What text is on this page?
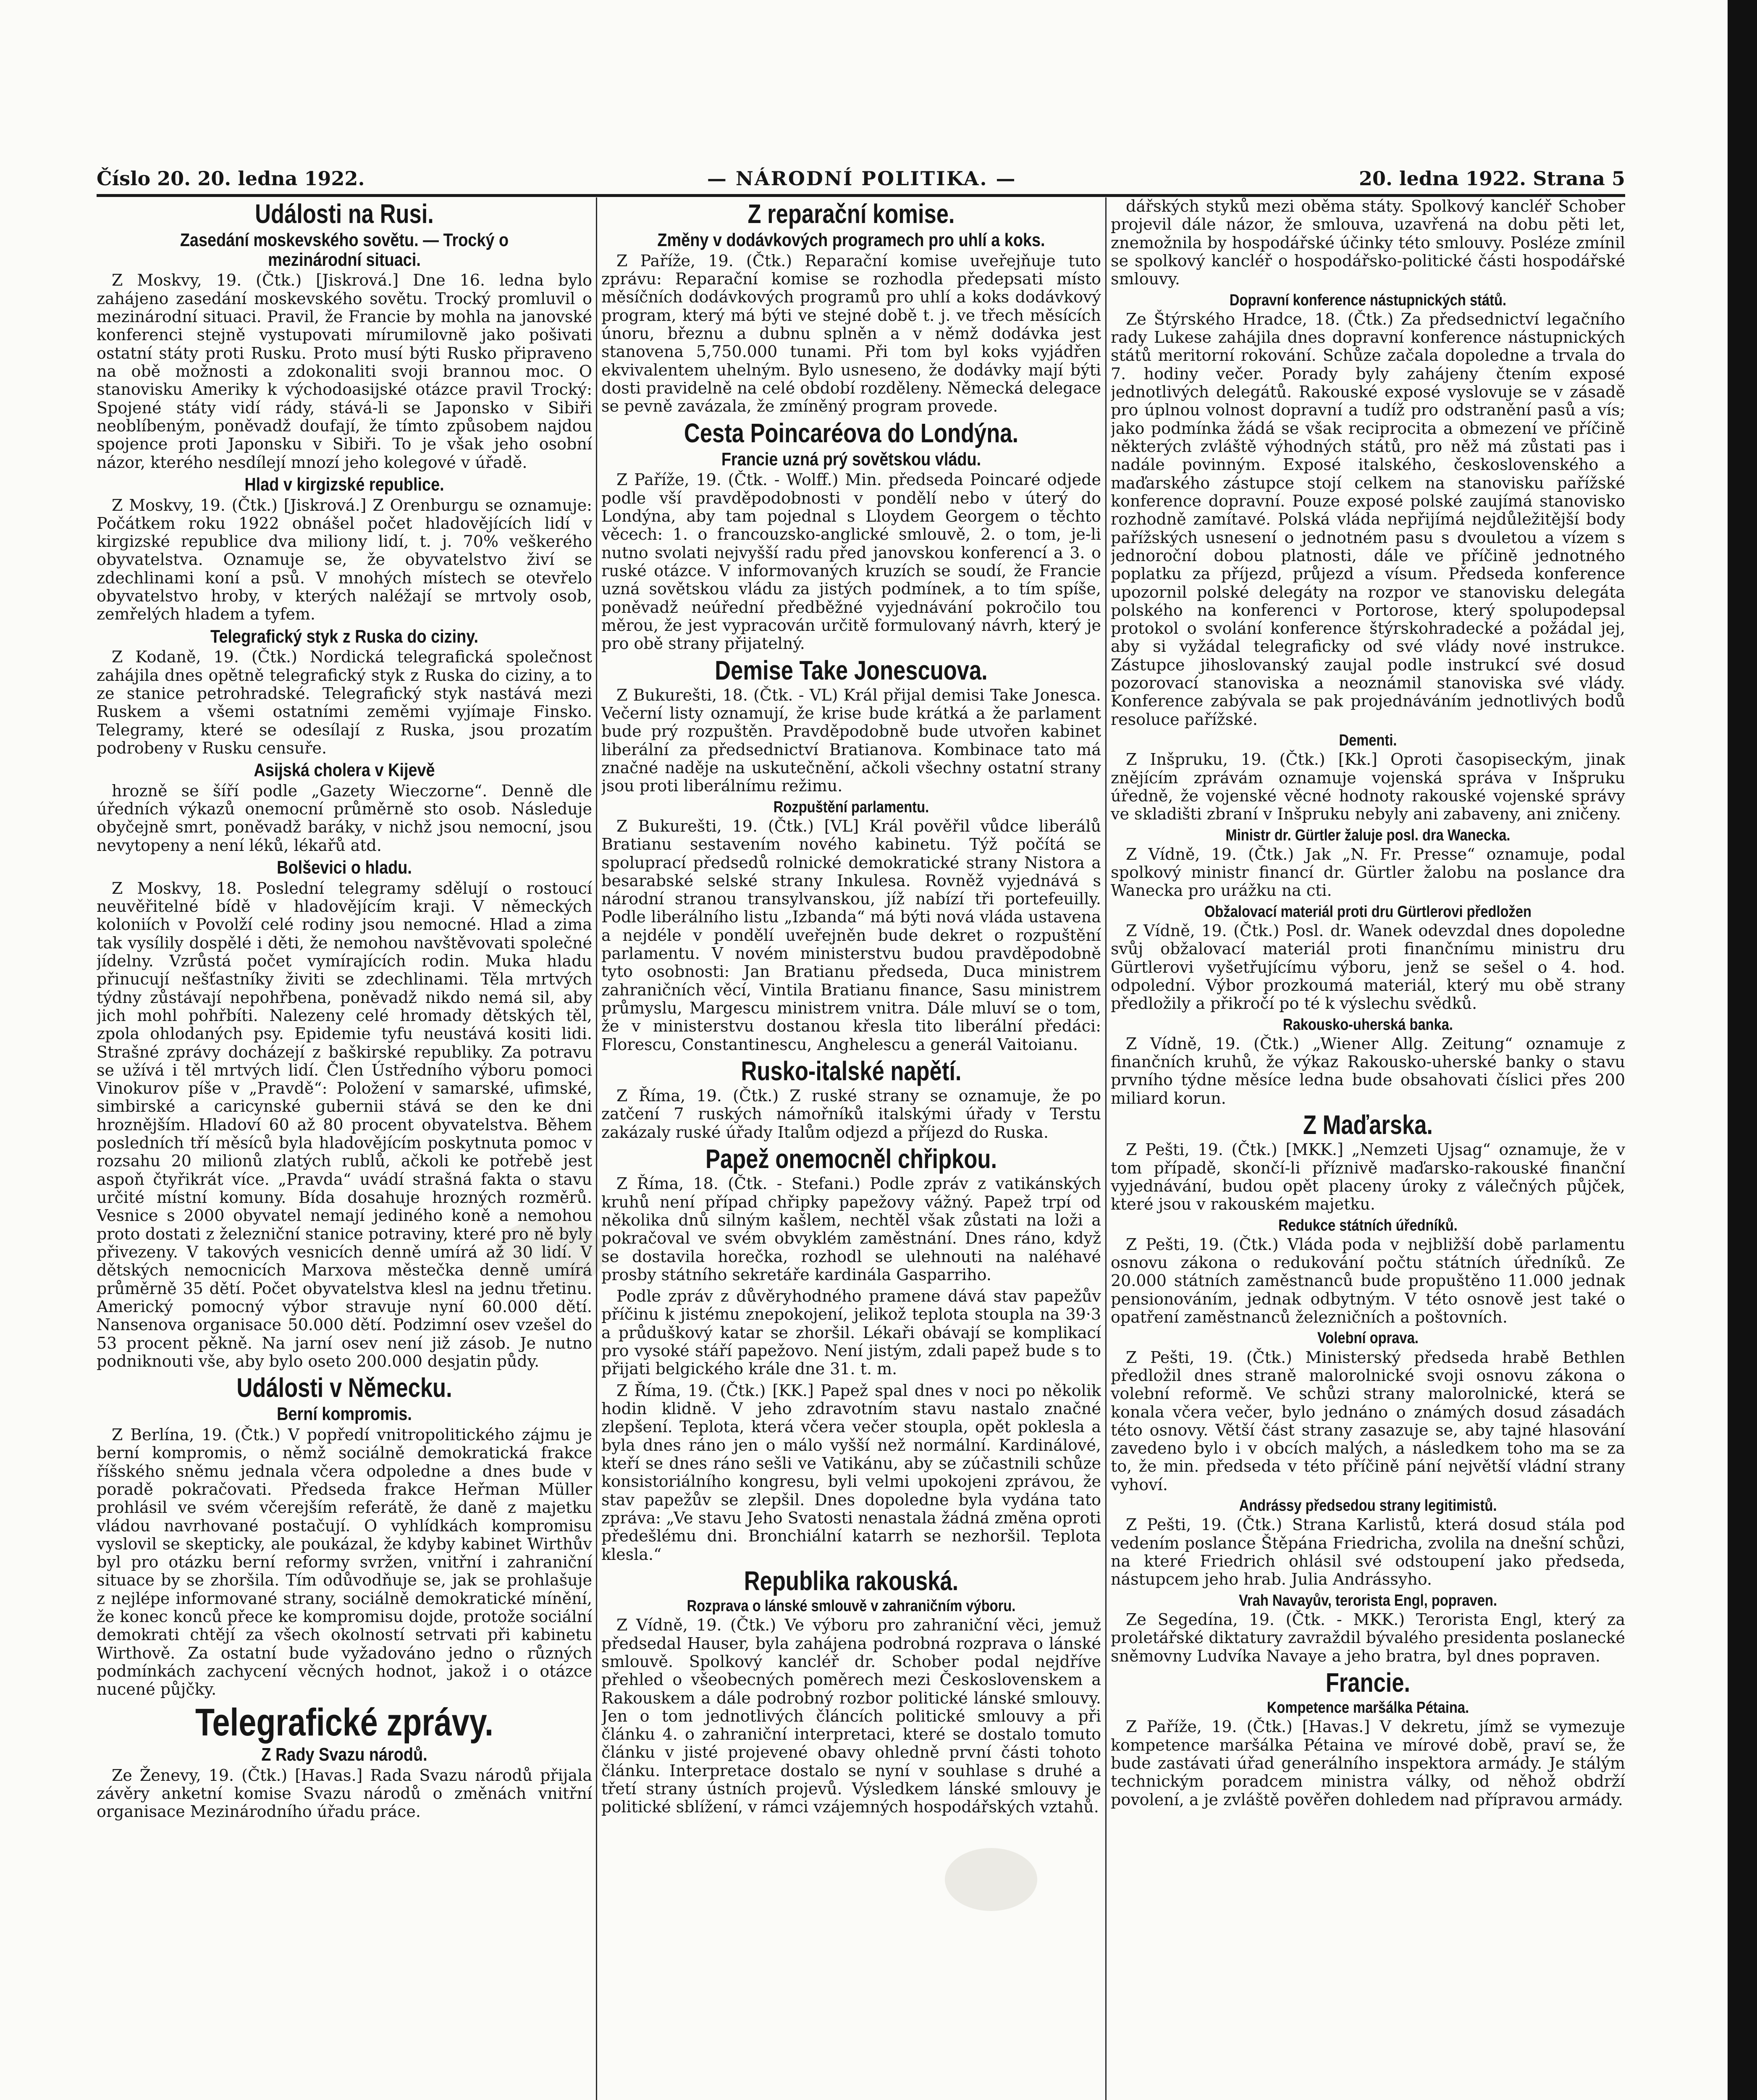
Číslo 20. 20. ledna 1922.	— NÁRODNÍ POLITIKA. —	20. ledna 1922. Strana 5
Události na Rusi.
Zasedání moskevského sovětu. — Trocký o mezinárodní situaci.

Z Moskvy, 19. (Čtk.) [Jiskrová.] Dne 16. ledna bylo zahájeno zasedání moskevského sovětu. Trocký promluvil o mezinárodní situaci. Pravil, že Francie by mohla na janovské konferenci stejně vystupovati mírumilovně jako pošivati ostatní státy proti Rusku. Proto musí býti Rusko připraveno na obě možnosti a zdokonaliti svoji brannou moc. O stanovisku Ameriky k východoasijské otázce pravil Trocký: Spojené státy vidí rády, stává-li se Japonsko v Sibiři neoblíbeným, poněvadž doufají, že tímto způsobem najdou spojence proti Japonsku v Sibiři. To je však jeho osobní názor, kterého nesdílejí mnozí jeho kolegové v úřadě.

Hlad v kirgizské republice.

Z Moskvy, 19. (Čtk.) [Jiskrová.] Z Orenburgu se oznamuje: Počátkem roku 1922 obnášel počet hladovějících lidí v kirgizské republice dva miliony lidí, t. j. 70% veškerého obyvatelstva. Oznamuje se, že obyvatelstvo živí se zdechlinami koní a psů. V mnohých místech se otevřelo obyvatelstvo hroby, v kterých naléžají se mrtvoly osob, zemřelých hladem a tyfem.

Telegrafický styk z Ruska do ciziny.

Z Kodaně, 19. (Čtk.) Nordická telegrafická společnost zahájila dnes opětně telegrafický styk z Ruska do ciziny, a to ze stanice petrohradské. Telegrafický styk nastává mezi Ruskem a všemi ostatními zeměmi vyjímaje Finsko. Telegramy, které se odesílají z Ruska, jsou prozatím podrobeny v Rusku censuře.

Asijská cholera v Kijevě

hrozně se šíří podle „Gazety Wieczorne“. Denně dle úředních výkazů onemocní průměrně sto osob. Následuje obyčejně smrt, poněvadž baráky, v nichž jsou nemocní, jsou nevytopeny a není léků, lékařů atd.

Bolševici o hladu.

Z Moskvy, 18. Poslední telegramy sdělují o rostoucí neuvěřitelné bídě v hladovějícím kraji. V německých koloniích v Povolží celé rodiny jsou nemocné. Hlad a zima tak vysílily dospělé i děti, že nemohou navštěvovati společné jídelny. Vzrůstá počet vymírajících rodin. Muka hladu přinucují nešťastníky živiti se zdechlinami. Těla mrtvých týdny zůstávají nepohřbena, poněvadž nikdo nemá sil, aby jich mohl pohřbíti. Nalezeny celé hromady dětských těl, zpola ohlodaných psy. Epidemie tyfu neustává kositi lidi. Strašné zprávy docházejí z baškirské republiky. Za potravu se užívá i těl mrtvých lidí. Člen Ústředního výboru pomoci Vinokurov píše v „Pravdě“: Položení v samarské, ufimské, simbirské a caricynské gubernii stává se den ke dni hroznějším. Hladoví 60 až 80 procent obyvatelstva. Během posledních tří měsíců byla hladovějícím poskytnuta pomoc v rozsahu 20 milionů zlatých rublů, ačkoli ke potřebě jest aspoň čtyřikrát více. „Pravda“ uvádí strašná fakta o stavu určité místní komuny. Bída dosahuje hrozných rozměrů. Vesnice s 2000 obyvatel nemají jediného koně a nemohou proto dostati z železniční stanice potraviny, které pro ně byly přivezeny. V takových vesnicích denně umírá až 30 lidí. V dětských nemocnicích Marxova městečka denně umírá průměrně 35 dětí. Počet obyvatelstva klesl na jednu třetinu. Americký pomocný výbor stravuje nyní 60.000 dětí. Nansenova organisace 50.000 dětí. Podzimní osev vzešel do 53 procent pěkně. Na jarní osev není již zásob. Je nutno podniknouti vše, aby bylo oseto 200.000 desjatin půdy.

Události v Německu.
Berní kompromis.

Z Berlína, 19. (Čtk.) V popředí vnitropolitického zájmu je berní kompromis, o němž sociálně demokratická frakce říšského sněmu jednala včera odpoledne a dnes bude v poradě pokračovati. Předseda frakce Heřman Müller prohlásil ve svém včerejším referátě, že daně z majetku vládou navrhované postačují. O vyhlídkách kompromisu vyslovil se skepticky, ale poukázal, že kdyby kabinet Wirthův byl pro otázku berní reformy svržen, vnitřní i zahraniční situace by se zhoršila. Tím odůvodňuje se, jak se prohlašuje z nejlépe informované strany, sociálně demokratické mínění, že konec konců přece ke kompromisu dojde, protože sociální demokrati chtějí za všech okolností setrvati při kabinetu Wirthově. Za ostatní bude vyžadováno jedno o různých podmínkách zachycení věcných hodnot, jakož i o otázce nucené půjčky.

Telegrafické zprávy.
Z Rady Svazu národů.

Ze Ženevy, 19. (Čtk.) [Havas.] Rada Svazu národů přijala závěry anketní komise Svazu národů o změnách vnitřní organisace Mezinárodního úřadu práce.

Z reparační komise.
Změny v dodávkových programech pro uhlí a koks.

Z Paříže, 19. (Čtk.) Reparační komise uveřejňuje tuto zprávu: Reparační komise se rozhodla předepsati místo měsíčních dodávkových programů pro uhlí a koks dodávkový program, který má býti ve stejné době t. j. ve třech měsících únoru, březnu a dubnu splněn a v němž dodávka jest stanovena 5,750.000 tunami. Při tom byl koks vyjádřen ekvivalentem uhelným. Bylo usneseno, že dodávky mají býti dosti pravidelně na celé období rozděleny. Německá delegace se pevně zavázala, že zmíněný program provede.

Cesta Poincaréova do Londýna.
Francie uzná prý sovětskou vládu.

Z Paříže, 19. (Čtk. - Wolff.) Min. předseda Poincaré odjede podle vší pravděpodobnosti v pondělí nebo v úterý do Londýna, aby tam pojednal s Lloydem Georgem o těchto věcech: 1. o francouzsko-anglické smlouvě, 2. o tom, je-li nutno svolati nejvyšší radu před janovskou konferencí a 3. o ruské otázce. V informovaných kruzích se soudí, že Francie uzná sovětskou vládu za jistých podmínek, a to tím spíše, poněvadž neúřední předběžné vyjednávání pokročilo tou měrou, že jest vypracován určitě formulovaný návrh, který je pro obě strany přijatelný.

Demise Take Jonescuova.

Z Bukurešti, 18. (Čtk. - VL) Král přijal demisi Take Jonesca. Večerní listy oznamují, že krise bude krátká a že parlament bude prý rozpuštěn. Pravděpodobně bude utvořen kabinet liberální za předsednictví Bratianova. Kombinace tato má značné naděje na uskutečnění, ačkoli všechny ostatní strany jsou proti liberálnímu režimu.

Rozpuštění parlamentu.

Z Bukurešti, 19. (Čtk.) [VL] Král pověřil vůdce liberálů Bratianu sestavením nového kabinetu. Týž počítá se spoluprací předsedů rolnické demokratické strany Nistora a besarabské selské strany Inkulesa. Rovněž vyjednává s národní stranou transylvanskou, jíž nabízí tři portefeuilly. Podle liberálního listu „Izbanda“ má býti nová vláda ustavena a nejdéle v pondělí uveřejněn bude dekret o rozpuštění parlamentu. V novém ministerstvu budou pravděpodobně tyto osobnosti: Jan Bratianu předseda, Duca ministrem zahraničních věcí, Vintila Bratianu finance, Sasu ministrem průmyslu, Margescu ministrem vnitra. Dále mluví se o tom, že v ministerstvu dostanou křesla tito liberální předáci: Florescu, Constantinescu, Anghelescu a generál Vaitoianu.

Rusko-italské napětí.

Z Říma, 19. (Čtk.) Z ruské strany se oznamuje, že po zatčení 7 ruských námořníků italskými úřady v Terstu zakázaly ruské úřady Italům odjezd a příjezd do Ruska.

Papež onemocněl chřipkou.

Z Říma, 18. (Čtk. - Stefani.) Podle zpráv z vatikánských kruhů není případ chřipky papežovy vážný. Papež trpí od několika dnů silným kašlem, nechtěl však zůstati na loži a pokračoval ve svém obvyklém zaměstnání. Dnes ráno, když se dostavila horečka, rozhodl se ulehnouti na naléhavé prosby státního sekretáře kardinála Gasparriho.

Podle zpráv z důvěryhodného pramene dává stav papežův příčinu k jistému znepokojení, jelikož teplota stoupla na 39·3 a průduškový katar se zhoršil. Lékaři obávají se komplikací pro vysoké stáří papežovo. Není jistým, zdali papež bude s to přijati belgického krále dne 31. t. m.

Z Říma, 19. (Čtk.) [KK.] Papež spal dnes v noci po několik hodin klidně. V jeho zdravotním stavu nastalo značné zlepšení. Teplota, která včera večer stoupla, opět poklesla a byla dnes ráno jen o málo vyšší než normální. Kardinálové, kteří se dnes ráno sešli ve Vatikánu, aby se zúčastnili schůze konsistoriálního kongresu, byli velmi upokojeni zprávou, že stav papežův se zlepšil. Dnes dopoledne byla vydána tato zpráva: „Ve stavu Jeho Svatosti nenastala žádná změna oproti předešlému dni. Bronchiální katarrh se nezhoršil. Teplota klesla.“

Republika rakouská.
Rozprava o lánské smlouvě v zahraničním výboru.

Z Vídně, 19. (Čtk.) Ve výboru pro zahraniční věci, jemuž předsedal Hauser, byla zahájena podrobná rozprava o lánské smlouvě. Spolkový kancléř dr. Schober podal nejdříve přehled o všeobecných poměrech mezi Československem a Rakouskem a dále podrobný rozbor politické lánské smlouvy. Jen o tom jednotlivých článcích politické smlouvy a při článku 4. o zahraniční interpretaci, které se dostalo tomuto článku v jisté projevené obavy ohledně první části tohoto článku. Interpretace dostalo se nyní v souhlase s druhé a třetí strany ústních projevů. Výsledkem lánské smlouvy je politické sblížení, v rámci vzájemných hospodářských vztahů.

dářských styků mezi oběma státy. Spolkový kancléř Schober projevil dále názor, že smlouva, uzavřená na dobu pěti let, znemožnila by hospodářské účinky této smlouvy. Posléze zmínil se spolkový kancléř o hospodářsko-politické části hospodářské smlouvy.

Dopravní konference nástupnických států.

Ze Štýrského Hradce, 18. (Čtk.) Za předsednictví legačního rady Lukese zahájila dnes dopravní konference nástupnických států meritorní rokování. Schůze začala dopoledne a trvala do 7. hodiny večer. Porady byly zahájeny čtením exposé jednotlivých delegátů. Rakouské exposé vyslovuje se v zásadě pro úplnou volnost dopravní a tudíž pro odstranění pasů a vís; jako podmínka žádá se však reciprocita a obmezení ve příčině některých zvláště výhodných států, pro něž má zůstati pas i nadále povinným. Exposé italského, československého a maďarského zástupce stojí celkem na stanovisku pařížské konference dopravní. Pouze exposé polské zaujímá stanovisko rozhodně zamítavé. Polská vláda nepřijímá nejdůležitější body pařížských usnesení o jednotném pasu s dvouletou a vízem s jednoroční dobou platnosti, dále ve příčině jednotného poplatku za příjezd, průjezd a vísum. Předseda konference upozornil polské delegáty na rozpor ve stanovisku delegáta polského na konferenci v Portorose, který spolupodepsal protokol o svolání konference štýrskohradecké a požádal jej, aby si vyžádal telegraficky od své vlády nové instrukce. Zástupce jihoslovanský zaujal podle instrukcí své dosud pozorovací stanoviska a neoznámil stanoviska své vlády. Konference zabývala se pak projednáváním jednotlivých bodů resoluce pařížské.

Dementi.

Z Inšpruku, 19. (Čtk.) [Kk.] Oproti časopiseckým, jinak znějícím zprávám oznamuje vojenská správa v Inšpruku úředně, že vojenské věcné hodnoty rakouské vojenské správy ve skladišti zbraní v Inšpruku nebyly ani zabaveny, ani zničeny.

Ministr dr. Gürtler žaluje posl. dra Wanecka.

Z Vídně, 19. (Čtk.) Jak „N. Fr. Presse“ oznamuje, podal spolkový ministr financí dr. Gürtler žalobu na poslance dra Wanecka pro urážku na cti.

Obžalovací materiál proti dru Gürtlerovi předložen

Z Vídně, 19. (Čtk.) Posl. dr. Wanek odevzdal dnes dopoledne svůj obžalovací materiál proti finančnímu ministru dru Gürtlerovi vyšetřujícímu výboru, jenž se sešel o 4. hod. odpolední. Výbor prozkoumá materiál, který mu obě strany předložily a přikročí po té k výslechu svědků.

Rakousko-uherská banka.

Z Vídně, 19. (Čtk.) „Wiener Allg. Zeitung“ oznamuje z finančních kruhů, že výkaz Rakousko-uherské banky o stavu prvního týdne měsíce ledna bude obsahovati číslici přes 200 miliard korun.

Z Maďarska.

Z Pešti, 19. (Čtk.) [MKK.] „Nemzeti Ujsag“ oznamuje, že v tom případě, skončí-li příznivě maďarsko-rakouské finanční vyjednávání, budou opět placeny úroky z válečných půjček, které jsou v rakouském majetku.

Redukce státních úředníků.

Z Pešti, 19. (Čtk.) Vláda poda v nejbližší době parlamentu osnovu zákona o redukování počtu státních úředníků. Ze 20.000 státních zaměstnanců bude propuštěno 11.000 jednak pensionováním, jednak odbytným. V této osnově jest také o opatření zaměstnanců železničních a poštovních.

Volební oprava.

Z Pešti, 19. (Čtk.) Ministerský předseda hrabě Bethlen předložil dnes straně malorolnické svoji osnovu zákona o volební reformě. Ve schůzi strany malorolnické, která se konala včera večer, bylo jednáno o známých dosud zásadách této osnovy. Větší část strany zasazuje se, aby tajné hlasování zavedeno bylo i v obcích malých, a následkem toho ma se za to, že min. předseda v této příčině pání největší vládní strany vyhoví.

Andrássy předsedou strany legitimistů.

Z Pešti, 19. (Čtk.) Strana Karlistů, která dosud stála pod vedením poslance Štěpána Friedricha, zvolila na dnešní schůzi, na které Friedrich ohlásil své odstoupení jako předseda, nástupcem jeho hrab. Julia Andrássyho.

Vrah Navayův, terorista Engl, popraven.

Ze Segedína, 19. (Čtk. - MKK.) Terorista Engl, který za proletářské diktatury zavraždil bývalého presidenta poslanecké sněmovny Ludvíka Navaye a jeho bratra, byl dnes popraven.

Francie.
Kompetence maršálka Pétaina.

Z Paříže, 19. (Čtk.) [Havas.] V dekretu, jímž se vymezuje kompetence maršálka Pétaina ve mírové době, praví se, že bude zastávati úřad generálního inspektora armády. Je stálým technickým poradcem ministra války, od něhož obdrží povolení, a je zvláště pověřen dohledem nad přípravou armády.
